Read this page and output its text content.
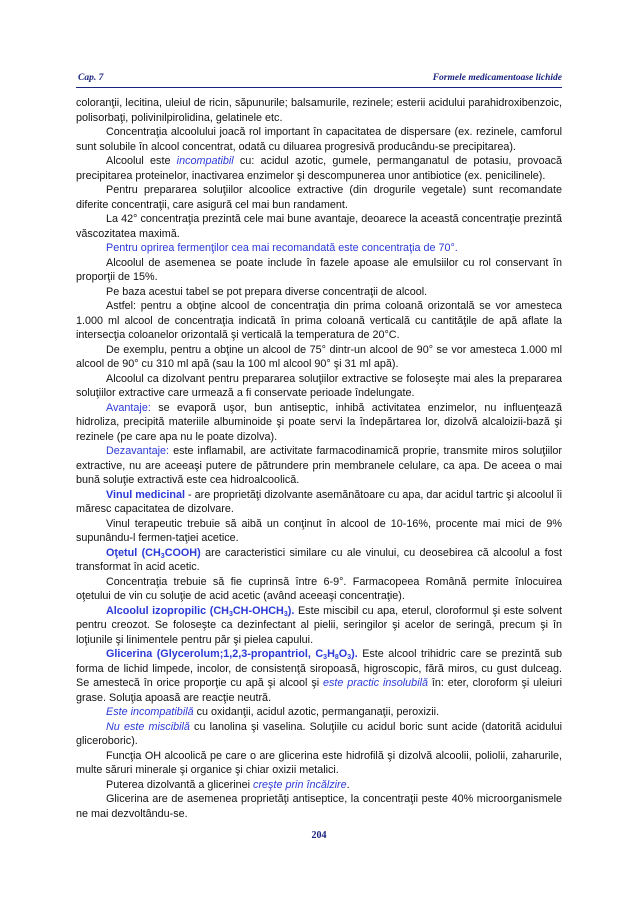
Cap. 7	Formele medicamentoase lichide

coloranţii, lecitina, uleiul de ricin, săpunurile; balsamurile, rezinele; esterii acidului parahidroxibenzoic, polisorbaţi, polivinilpirolidina, gelatinele etc.

Concentraţia alcoolului joacă rol important în capacitatea de dispersare (ex. rezinele, camforul sunt solubile în alcool concentrat, odată cu diluarea progresivă producându-se precipitarea).

Alcoolul este incompatibil cu: acidul azotic, gumele, permanganatul de potasiu, provoacă precipitarea proteinelor, inactivarea enzimelor şi descompunerea unor antibiotice (ex. penicilinele).

Pentru prepararea soluţiilor alcoolice extractive (din drogurile vegetale) sunt recomandate diferite concentraţii, care asigură cel mai bun randament.

La 42° concentraţia prezintă cele mai bune avantaje, deoarece la această concentraţie prezintă văscozitatea maximă.

Pentru oprirea fermenţilor cea mai recomandată este concentraţia de 70°.

Alcoolul de asemenea se poate include în fazele apoase ale emulsiilor cu rol conservant în proporţii de 15%.

Pe baza acestui tabel se pot prepara diverse concentraţii de alcool.

Astfel: pentru a obţine alcool de concentraţia din prima coloană orizontală se vor amesteca 1.000 ml alcool de concentraţia indicată în prima coloană verticală cu cantităţile de apă aflate la intersecţia coloanelor orizontală şi verticală la temperatura de 20°C.

De exemplu, pentru a obţine un alcool de 75° dintr-un alcool de 90° se vor amesteca 1.000 ml alcool de 90° cu 310 ml apă (sau la 100 ml alcool 90° şi 31 ml apă).

Alcoolul ca dizolvant pentru prepararea soluţiilor extractive se foloseşte mai ales la prepararea soluţiilor extractive care urmează a fi conservate perioade îndelungate.

Avantaje: se evaporă uşor, bun antiseptic, inhibă activitatea enzimelor, nu influenţează hidroliza, precipită materiile albuminoide şi poate servi la îndepărtarea lor, dizolvă alcaloizii-bază şi rezinele (pe care apa nu le poate dizolva).

Dezavantaje: este inflamabil, are activitate farmacodinamică proprie, transmite miros soluţiilor extractive, nu are aceeaşi putere de pătrundere prin membranele celulare, ca apa. De aceea o mai bună soluţie extractivă este cea hidroalcoolică.

Vinul medicinal - are proprietăţi dizolvante asemănătoare cu apa, dar acidul tartric şi alcoolul îi măresc capacitatea de dizolvare.

Vinul terapeutic trebuie să aibă un conţinut în alcool de 10-16%, procente mai mici de 9% supunându-l fermen-taţiei acetice.

Oţetul $(CH_3COOH)$ are caracteristici similare cu ale vinului, cu deosebirea că alcoolul a fost transformat în acid acetic.

Concentraţia trebuie să fie cuprinsă între 6-9°. Farmacopeea Română permite înlocuirea oţetului de vin cu soluţie de acid acetic (având aceeaşi concentraţie).

Alcoolul izopropilic $(CH_3CH-OHCH_3)$. Este miscibil cu apa, eterul, cloroformul şi este solvent pentru creozot. Se foloseşte ca dezinfectant al pielii, seringilor şi acelor de seringă, precum şi în loţiunile şi linimentele pentru păr şi pielea capului.

Glicerina (Glycerolum;1,2,3-propantriol, $C_3H_8O_3$). Este alcool trihidric care se prezintă sub forma de lichid limpede, incolor, de consistenţă siropoasă, higroscopic, fără miros, cu gust dulceag. Se amestecă în orice proporţie cu apă şi alcool şi este practic insolubilă în: eter, cloroform şi uleiuri grase. Soluţia apoasă are reacţie neutră.

Este incompatibilă cu oxidanţii, acidul azotic, permanganaţii, peroxizii.

Nu este miscibilă cu lanolina şi vaselina. Soluţiile cu acidul boric sunt acide (datorită acidului gliceroboric).

Funcţia OH alcoolică pe care o are glicerina este hidrofilă şi dizolvă alcoolii, poliolii, zaharurile, multe săruri minerale şi organice şi chiar oxizii metalici.

Puterea dizolvantă a glicerinei creşte prin încălzire.

Glicerina are de asemenea proprietăţi antiseptice, la concentraţii peste 40% microorganismele ne mai dezvoltându-se.

204
